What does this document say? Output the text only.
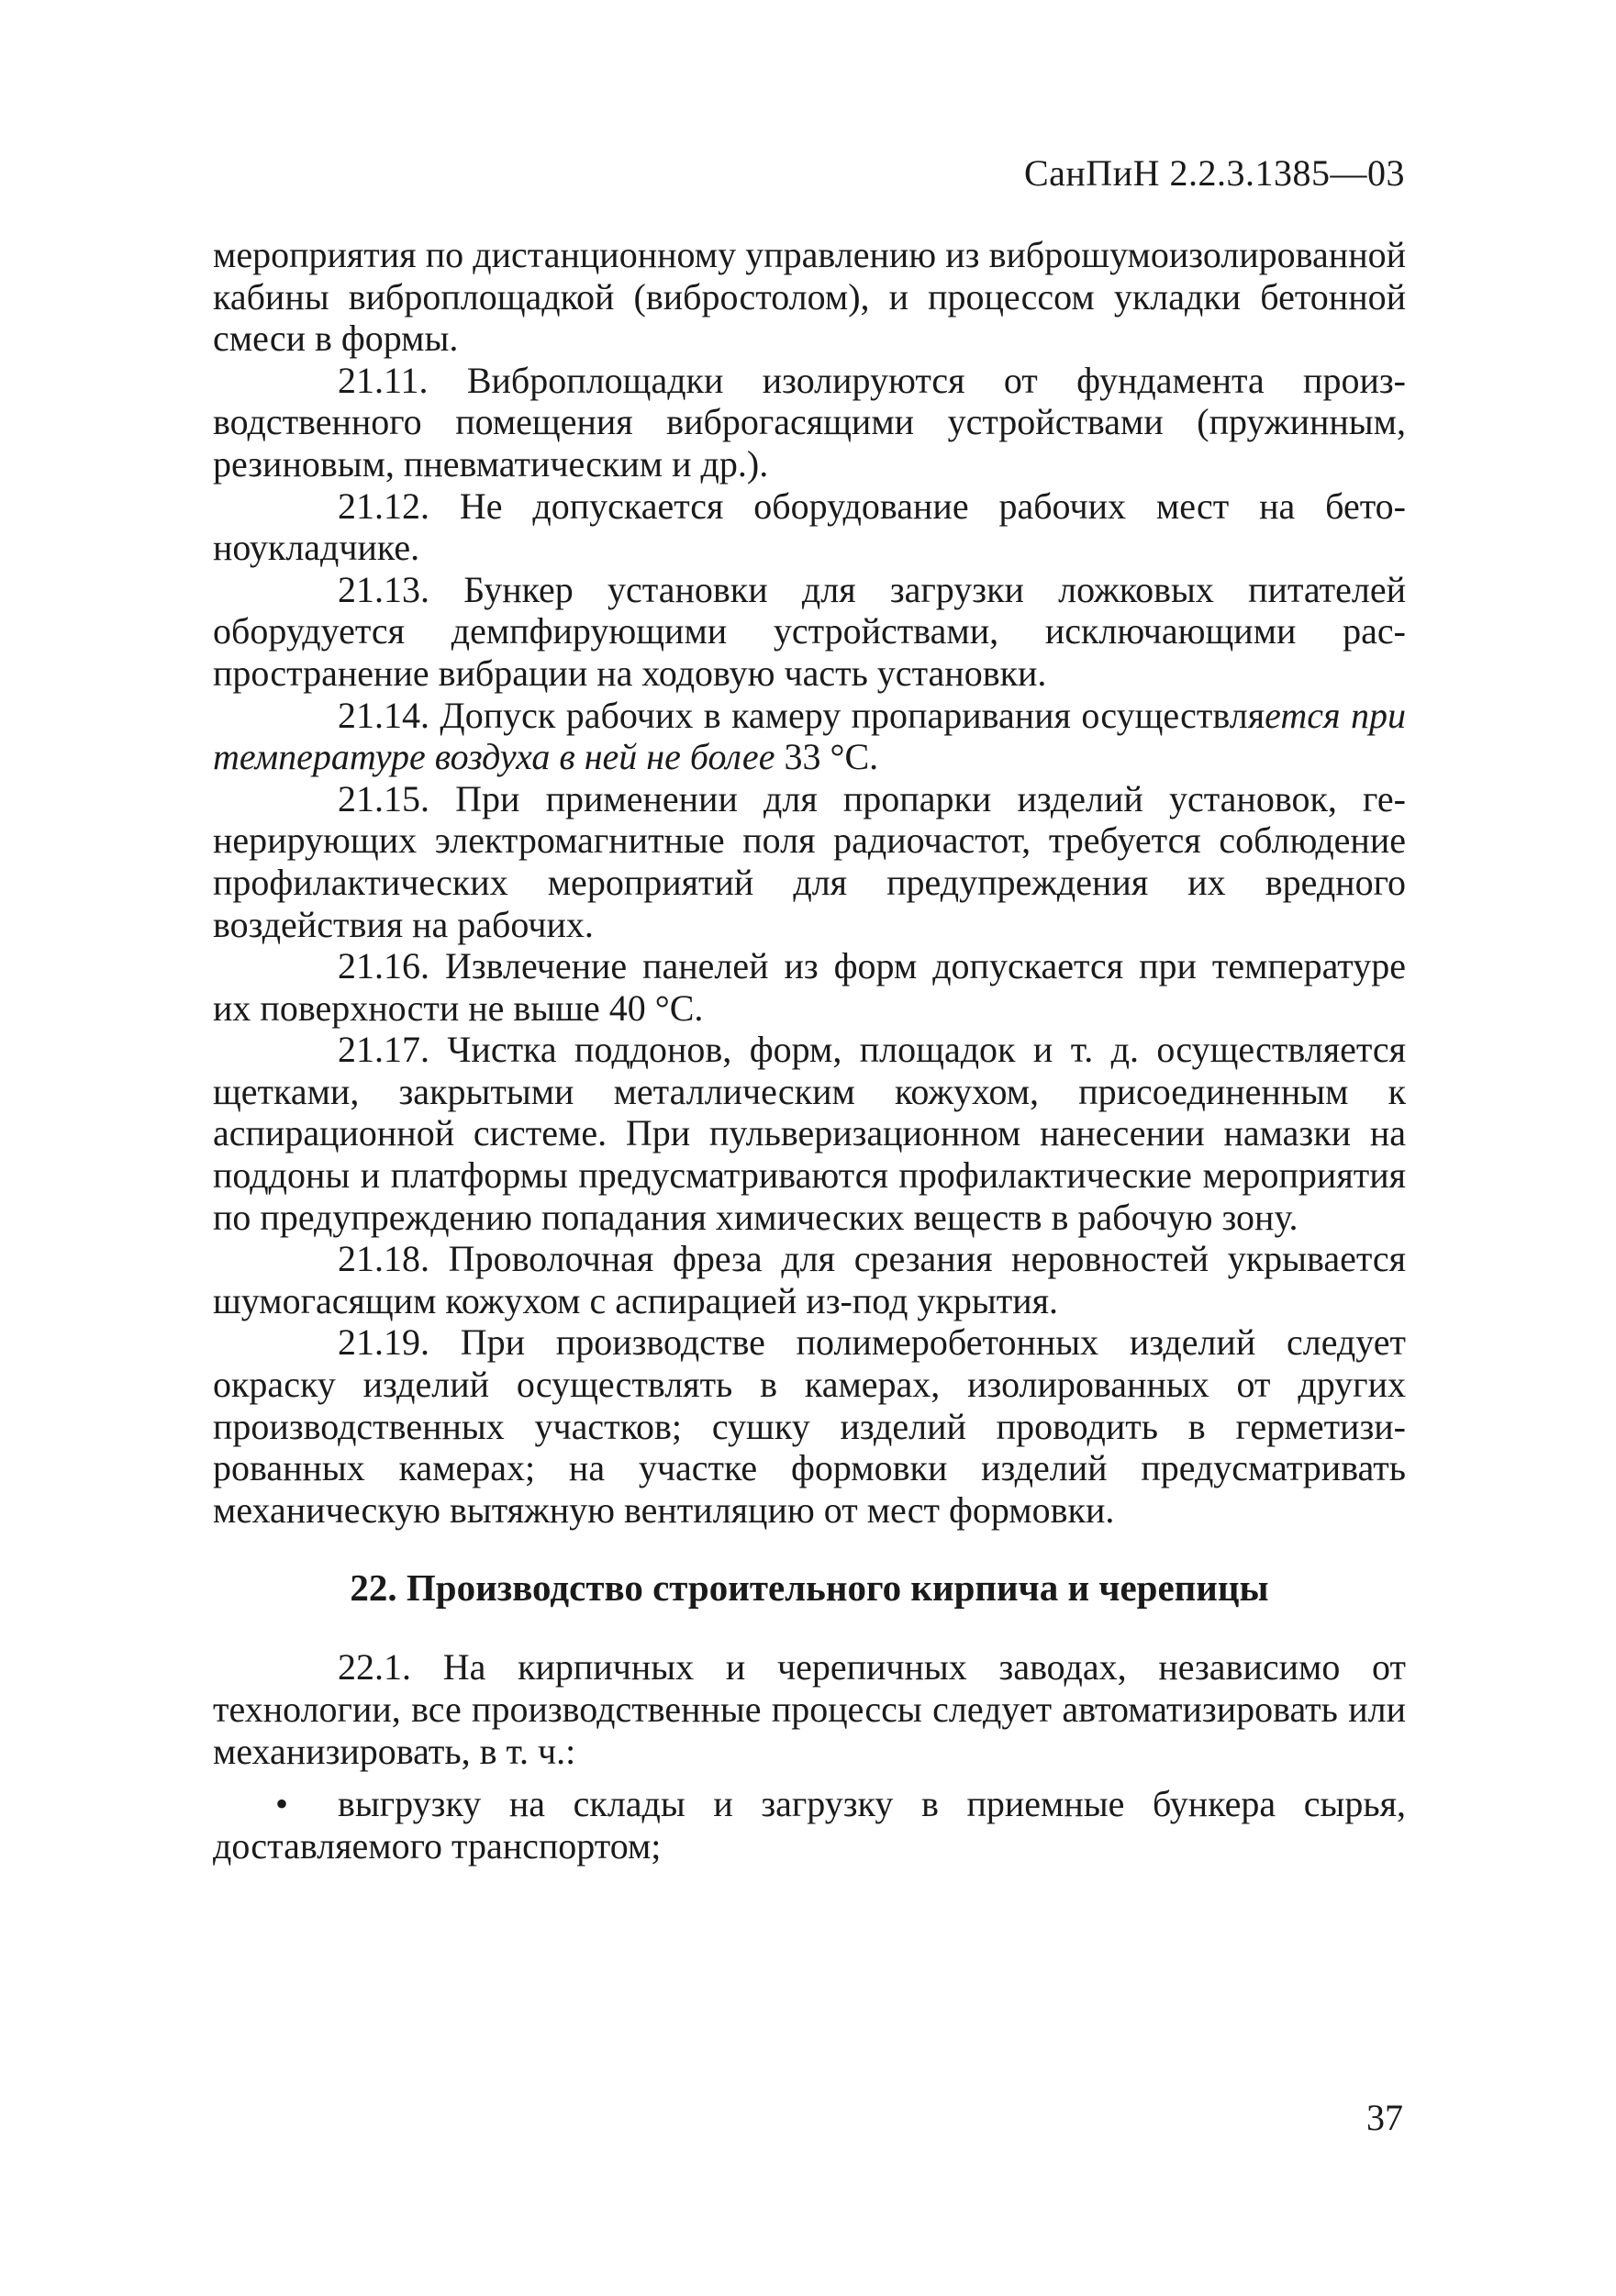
СанПиН 2.2.3.1385—03

мероприятия по дистанционному управлению из виброшумоизолированной кабины виброплощадкой (вибростолом), и процессом укладки бетонной смеси в формы.

21.11. Виброплощадки изолируются от фундамента производственного помещения виброгасящими устройствами (пружинным, резиновым, пневматическим и др.).

21.12. Не допускается оборудование рабочих мест на бетоноукладчике.

21.13. Бункер установки для загрузки ложковых питателей оборудуется демпфирующими устройствами, исключающими распространение вибрации на ходовую часть установки.

21.14. Допуск рабочих в камеру пропаривания осуществляется при температуре воздуха в ней не более 33 °С.

21.15. При применении для пропарки изделий установок, генерирующих электромагнитные поля радиочастот, требуется соблюдение профилактических мероприятий для предупреждения их вредного воздействия на рабочих.

21.16. Извлечение панелей из форм допускается при температуре их поверхности не выше 40 °С.

21.17. Чистка поддонов, форм, площадок и т. д. осуществляется щетками, закрытыми металлическим кожухом, присоединенным к аспирационной системе. При пульверизационном нанесении намазки на поддоны и платформы предусматриваются профилактические мероприятия по предупреждению попадания химических веществ в рабочую зону.

21.18. Проволочная фреза для срезания неровностей укрывается шумогасящим кожухом с аспирацией из-под укрытия.

21.19. При производстве полимеробетонных изделий следует окраску изделий осуществлять в камерах, изолированных от других производственных участков; сушку изделий проводить в герметизированных камерах; на участке формовки изделий предусматривать механическую вытяжную вентиляцию от мест формовки.

22. Производство строительного кирпича и черепицы

22.1. На кирпичных и черепичных заводах, независимо от технологии, все производственные процессы следует автоматизировать или механизировать, в т. ч.:

• выгрузку на склады и загрузку в приемные бункера сырья, доставляемого транспортом;

37
